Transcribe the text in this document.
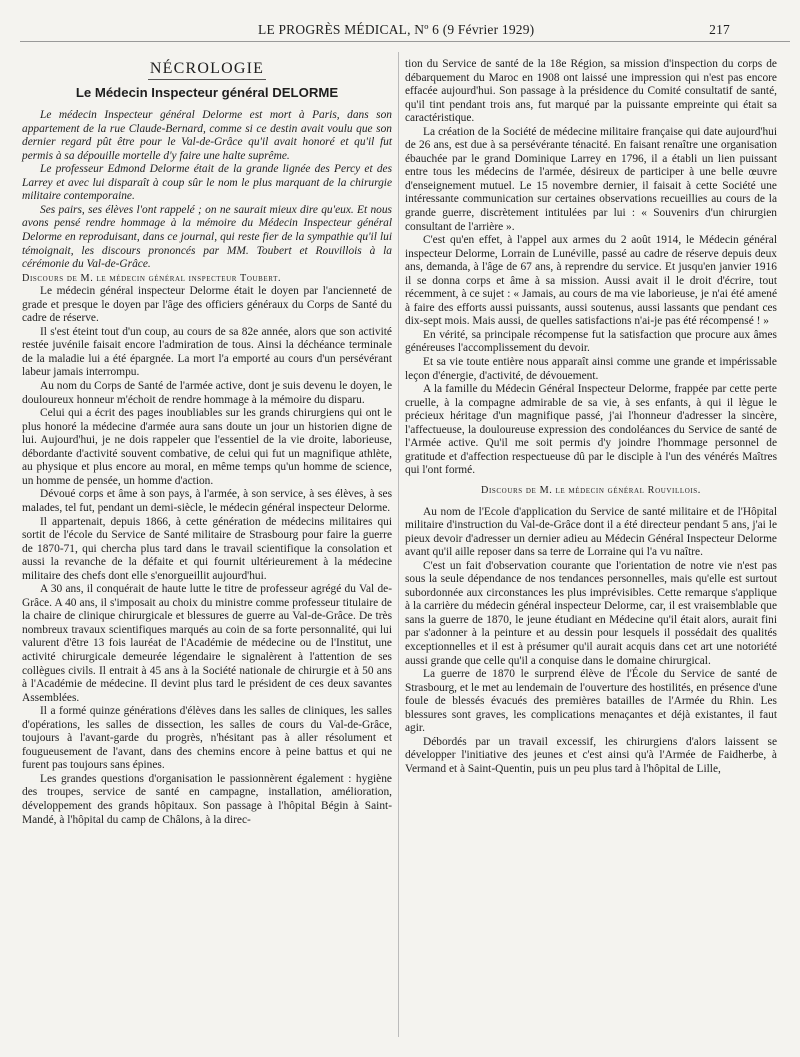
LE PROGRÈS MÉDICAL, Nº 6 (9 Février 1929)	217
NÉCROLOGIE
Le Médecin Inspecteur général DELORME

Le médecin Inspecteur général Delorme est mort à Paris, dans son appartement de la rue Claude-Bernard, comme si ce destin avait voulu que son dernier regard pût être pour le Val-de-Grâce qu'il avait honoré et qu'il fut permis à sa dépouille mortelle d'y faire une halte suprême.

Le professeur Edmond Delorme était de la grande lignée des Percy et des Larrey et avec lui disparaît à coup sûr le nom le plus marquant de la chirurgie militaire contemporaine.

Ses pairs, ses élèves l'ont rappelé ; on ne saurait mieux dire qu'eux. Et nous avons pensé rendre hommage à la mémoire du Médecin Inspecteur général Delorme en reproduisant, dans ce journal, qui reste fier de la sympathie qu'il lui témoignait, les discours prononcés par MM. Toubert et Rouvillois à la cérémonie du Val-de-Grâce.

Discours de M. le médecin général inspecteur Toubert.

Le médecin général inspecteur Delorme était le doyen par l'ancienneté de grade et presque le doyen par l'âge des officiers généraux du Corps de Santé du cadre de réserve.

Il s'est éteint tout d'un coup, au cours de sa 82e année, alors que son activité restée juvénile faisait encore l'admiration de tous. Ainsi la déchéance terminale de la maladie lui a été épargnée. La mort l'a emporté au cours d'un persévérant labeur jamais interrompu.

Au nom du Corps de Santé de l'armée active, dont je suis devenu le doyen, le douloureux honneur m'échoit de rendre hommage à la mémoire du disparu.

Celui qui a écrit des pages inoubliables sur les grands chirurgiens qui ont le plus honoré la médecine d'armée aura sans doute un jour un historien digne de lui. Aujourd'hui, je ne dois rappeler que l'essentiel de la vie droite, laborieuse, débordante d'activité souvent combative, de celui qui fut un magnifique athlète, au physique et plus encore au moral, en même temps qu'un homme de science, un homme de pensée, un homme d'action.

Dévoué corps et âme à son pays, à l'armée, à son service, à ses élèves, à ses malades, tel fut, pendant un demi-siècle, le médecin général inspecteur Delorme.

Il appartenait, depuis 1866, à cette génération de médecins militaires qui sortit de l'école du Service de Santé militaire de Strasbourg pour faire la guerre de 1870-71, qui chercha plus tard dans le travail scientifique la consolation et aussi la revanche de la défaite et qui fournit ultérieurement à la médecine militaire des chefs dont elle s'enorgueillit aujourd'hui.

A 30 ans, il conquérait de haute lutte le titre de professeur agrégé du Val de-Grâce. A 40 ans, il s'imposait au choix du ministre comme professeur titulaire de la chaire de clinique chirurgicale et blessures de guerre au Val-de-Grâce. De très nombreux travaux scientifiques marqués au coin de sa forte personnalité, qui lui valurent d'être 13 fois lauréat de l'Académie de médecine ou de l'Institut, une activité chirurgicale demeurée légendaire le signalèrent à l'attention de ses collègues civils. Il entrait à 45 ans à la Société nationale de chirurgie et à 50 ans à l'Académie de médecine. Il devint plus tard le président de ces deux savantes Assemblées.

Il a formé quinze générations d'élèves dans les salles de cliniques, les salles d'opérations, les salles de dissection, les salles de cours du Val-de-Grâce, toujours à l'avant-garde du progrès, n'hésitant pas à aller résolument et fougueusement de l'avant, dans des chemins encore à peine battus et qui ne furent pas toujours sans épines.

Les grandes questions d'organisation le passionnèrent également : hygiène des troupes, service de santé en campagne, installation, amélioration, développement des grands hôpitaux. Son passage à l'hôpital Bégin à Saint-Mandé, à l'hôpital du camp de Châlons, à la direc-

tion du Service de santé de la 18e Région, sa mission d'inspection du corps de débarquement du Maroc en 1908 ont laissé une impression qui n'est pas encore effacée aujourd'hui. Son passage à la présidence du Comité consultatif de santé, qu'il tint pendant trois ans, fut marqué par la puissante empreinte qui était sa caractéristique.

La création de la Société de médecine militaire française qui date aujourd'hui de 26 ans, est due à sa persévérante ténacité. En faisant renaître une organisation ébauchée par le grand Dominique Larrey en 1796, il a établi un lien puissant entre tous les médecins de l'armée, désireux de participer à une belle œuvre d'enseignement mutuel. Le 15 novembre dernier, il faisait à cette Société une intéressante communication sur certaines observations recueillies au cours de la grande guerre, discrètement intitulées par lui : « Souvenirs d'un chirurgien consultant de l'arrière ».

C'est qu'en effet, à l'appel aux armes du 2 août 1914, le Médecin général inspecteur Delorme, Lorrain de Lunéville, passé au cadre de réserve depuis deux ans, demanda, à l'âge de 67 ans, à reprendre du service. Et jusqu'en janvier 1916 il se donna corps et âme à sa mission. Aussi avait il le droit d'écrire, tout récemment, à ce sujet : « Jamais, au cours de ma vie laborieuse, je n'ai été amené à faire des efforts aussi puissants, aussi soutenus, aussi lassants que pendant ces dix-sept mois. Mais aussi, de quelles satisfactions n'ai-je pas été récompensé ! »

En vérité, sa principale récompense fut la satisfaction que procure aux âmes généreuses l'accomplissement du devoir.

Et sa vie toute entière nous apparaît ainsi comme une grande et impérissable leçon d'énergie, d'activité, de dévouement.

A la famille du Médecin Général Inspecteur Delorme, frappée par cette perte cruelle, à la compagne admirable de sa vie, à ses enfants, à qui il lègue le précieux héritage d'un magnifique passé, j'ai l'honneur d'adresser la sincère, l'affectueuse, la douloureuse expression des condoléances du Service de santé de l'Armée active. Qu'il me soit permis d'y joindre l'hommage personnel de gratitude et d'affection respectueuse dû par le disciple à l'un des vénérés Maîtres qui l'ont formé.

Discours de M. le médecin général Rouvillois.

Au nom de l'Ecole d'application du Service de santé militaire et de l'Hôpital militaire d'instruction du Val-de-Grâce dont il a été directeur pendant 5 ans, j'ai le pieux devoir d'adresser un dernier adieu au Médecin Général Inspecteur Delorme avant qu'il aille reposer dans sa terre de Lorraine qui l'a vu naître.

C'est un fait d'observation courante que l'orientation de notre vie n'est pas sous la seule dépendance de nos tendances personnelles, mais qu'elle est surtout subordonnée aux circonstances les plus imprévisibles. Cette remarque s'applique à la carrière du médecin général inspecteur Delorme, car, il est vraisemblable que sans la guerre de 1870, le jeune étudiant en Médecine qu'il était alors, aurait fini par s'adonner à la peinture et au dessin pour lesquels il possédait des qualités exceptionnelles et il est à présumer qu'il aurait acquis dans cet art une notoriété aussi grande que celle qu'il a conquise dans le domaine chirurgical.

La guerre de 1870 le surprend élève de l'École du Service de santé de Strasbourg, et le met au lendemain de l'ouverture des hostilités, en présence d'une foule de blessés évacués des premières batailles de l'Armée du Rhin. Les blessures sont graves, les complications menaçantes et déjà existantes, il faut agir.

Débordés par un travail excessif, les chirurgiens d'alors laissent se développer l'initiative des jeunes et c'est ainsi qu'à l'Armée de Faidherbe, à Vermand et à Saint-Quentin, puis un peu plus tard à l'hôpital de Lille,
